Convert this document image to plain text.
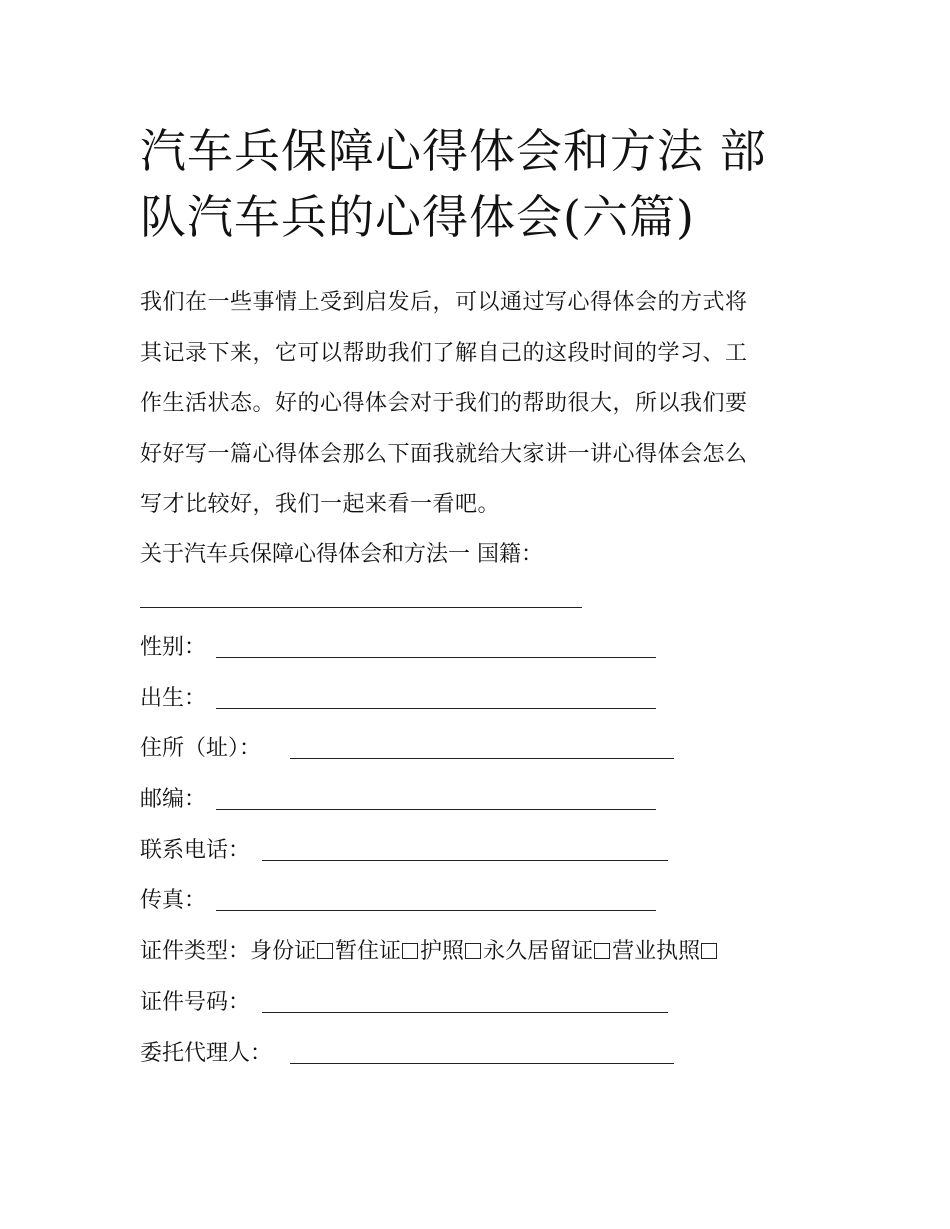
汽车兵保障心得体会和方法 部
队汽车兵的心得体会(六篇)
我们在一些事情上受到启发后，可以通过写心得体会的方式将
其记录下来，它可以帮助我们了解自己的这段时间的学习、工
作生活状态。好的心得体会对于我们的帮助很大，所以我们要
好好写一篇心得体会那么下面我就给大家讲一讲心得体会怎么
写才比较好，我们一起来看一看吧。
关于汽车兵保障心得体会和方法一 国籍：
性别：
出生：
住所（址）：
邮编：
联系电话：
传真：
证件类型：身份证 暂住证 护照 永久居留证 营业执照
证件号码：
委托代理人：
